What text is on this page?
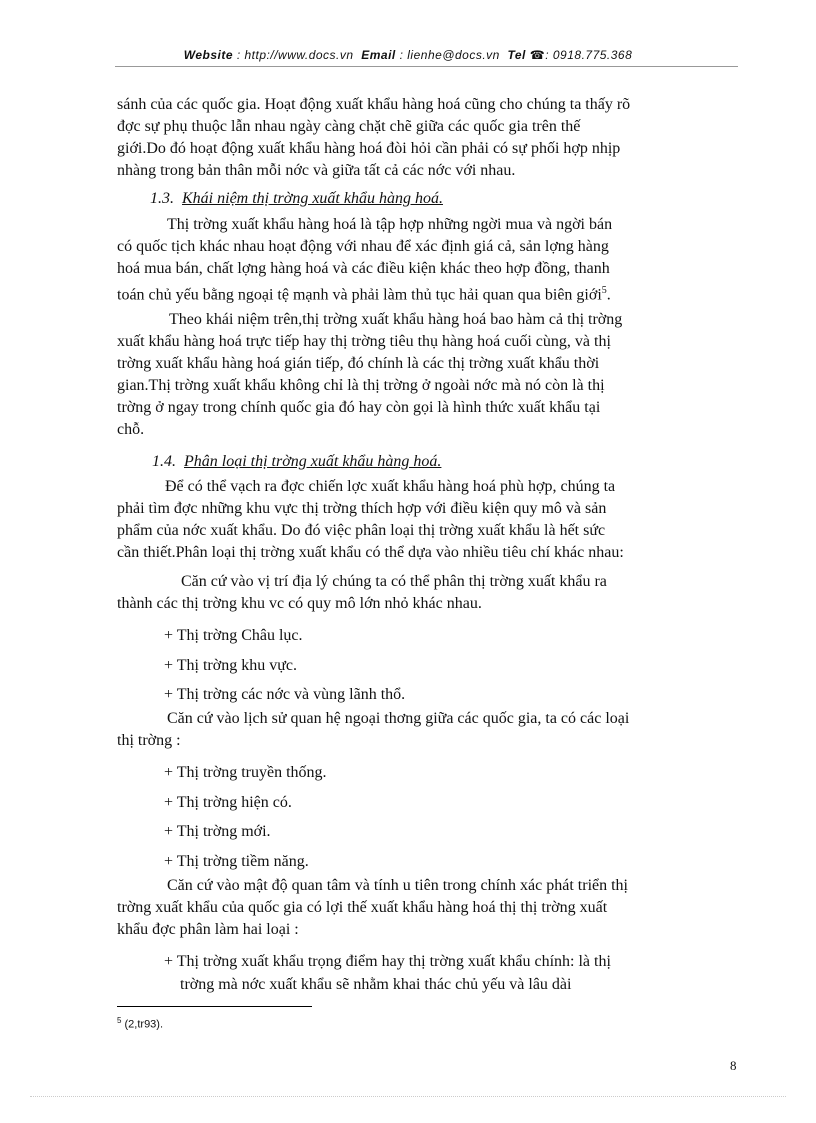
Website : http://www.docs.vn Email : lienhe@docs.vn Tel ☎: 0918.775.368
sánh của các quốc gia. Hoạt động xuất khẩu hàng hoá cũng cho chúng ta thấy rõ
đợc sự phụ thuộc lẫn nhau ngày càng chặt chẽ giữa các quốc gia trên thế
giới.Do đó hoạt động xuất khẩu hàng hoá đòi hỏi cần phải có sự phối hợp nhịp
nhàng trong bản thân mỗi nớc và giữa tất cả các nớc với nhau.
1.3. Khái niệm thị trờng xuất khẩu hàng hoá.
Thị trờng xuất khẩu hàng hoá là tập hợp những ngời mua và ngời bán
có quốc tịch khác nhau hoạt động với nhau để xác định giá cả, sản lợng hàng
hoá mua bán, chất lợng hàng hoá và các điều kiện khác theo hợp đồng, thanh
toán chủ yếu bằng ngoại tệ mạnh và phải làm thủ tục hải quan qua biên giới$^5$.
Theo khái niệm trên,thị trờng xuất khẩu hàng hoá bao hàm cả thị trờng
xuất khẩu hàng hoá trực tiếp hay thị trờng tiêu thụ hàng hoá cuối cùng, và thị
trờng xuất khẩu hàng hoá gián tiếp, đó chính là các thị trờng xuất khẩu thời
gian.Thị trờng xuất khẩu không chỉ là thị trờng ở ngoài nớc mà nó còn là thị
trờng ở ngay trong chính quốc gia đó hay còn gọi là hình thức xuất khẩu tại
chỗ.
1.4. Phân loại thị trờng xuất khẩu hàng hoá.
Để có thể vạch ra đợc chiến lợc xuất khẩu hàng hoá phù hợp, chúng ta
phải tìm đợc những khu vực thị trờng thích hợp với điều kiện quy mô và sản
phẩm của nớc xuất khẩu. Do đó việc phân loại thị trờng xuất khẩu là hết sức
cần thiết.Phân loại thị trờng xuất khẩu có thể dựa vào nhiều tiêu chí khác nhau:
Căn cứ vào vị trí địa lý chúng ta có thể phân thị trờng xuất khẩu ra
thành các thị trờng khu vc có quy mô lớn nhỏ khác nhau.
+ Thị trờng Châu lục.
+ Thị trờng khu vực.
+ Thị trờng các nớc và vùng lãnh thổ.
Căn cứ vào lịch sử quan hệ ngoại thơng giữa các quốc gia, ta có các loại
thị trờng :
+ Thị trờng truyền thống.
+ Thị trờng hiện có.
+ Thị trờng mới.
+ Thị trờng tiềm năng.
Căn cứ vào mật độ quan tâm và tính u tiên trong chính xác phát triển thị
trờng xuất khẩu của quốc gia có lợi thế xuất khẩu hàng hoá thị thị trờng xuất
khẩu đợc phân làm hai loại :
+ Thị trờng xuất khẩu trọng điểm hay thị trờng xuất khẩu chính: là thị
trờng mà nớc xuất khẩu sẽ nhằm khai thác chủ yếu và lâu dài
$^5$ (2,tr93).
8
